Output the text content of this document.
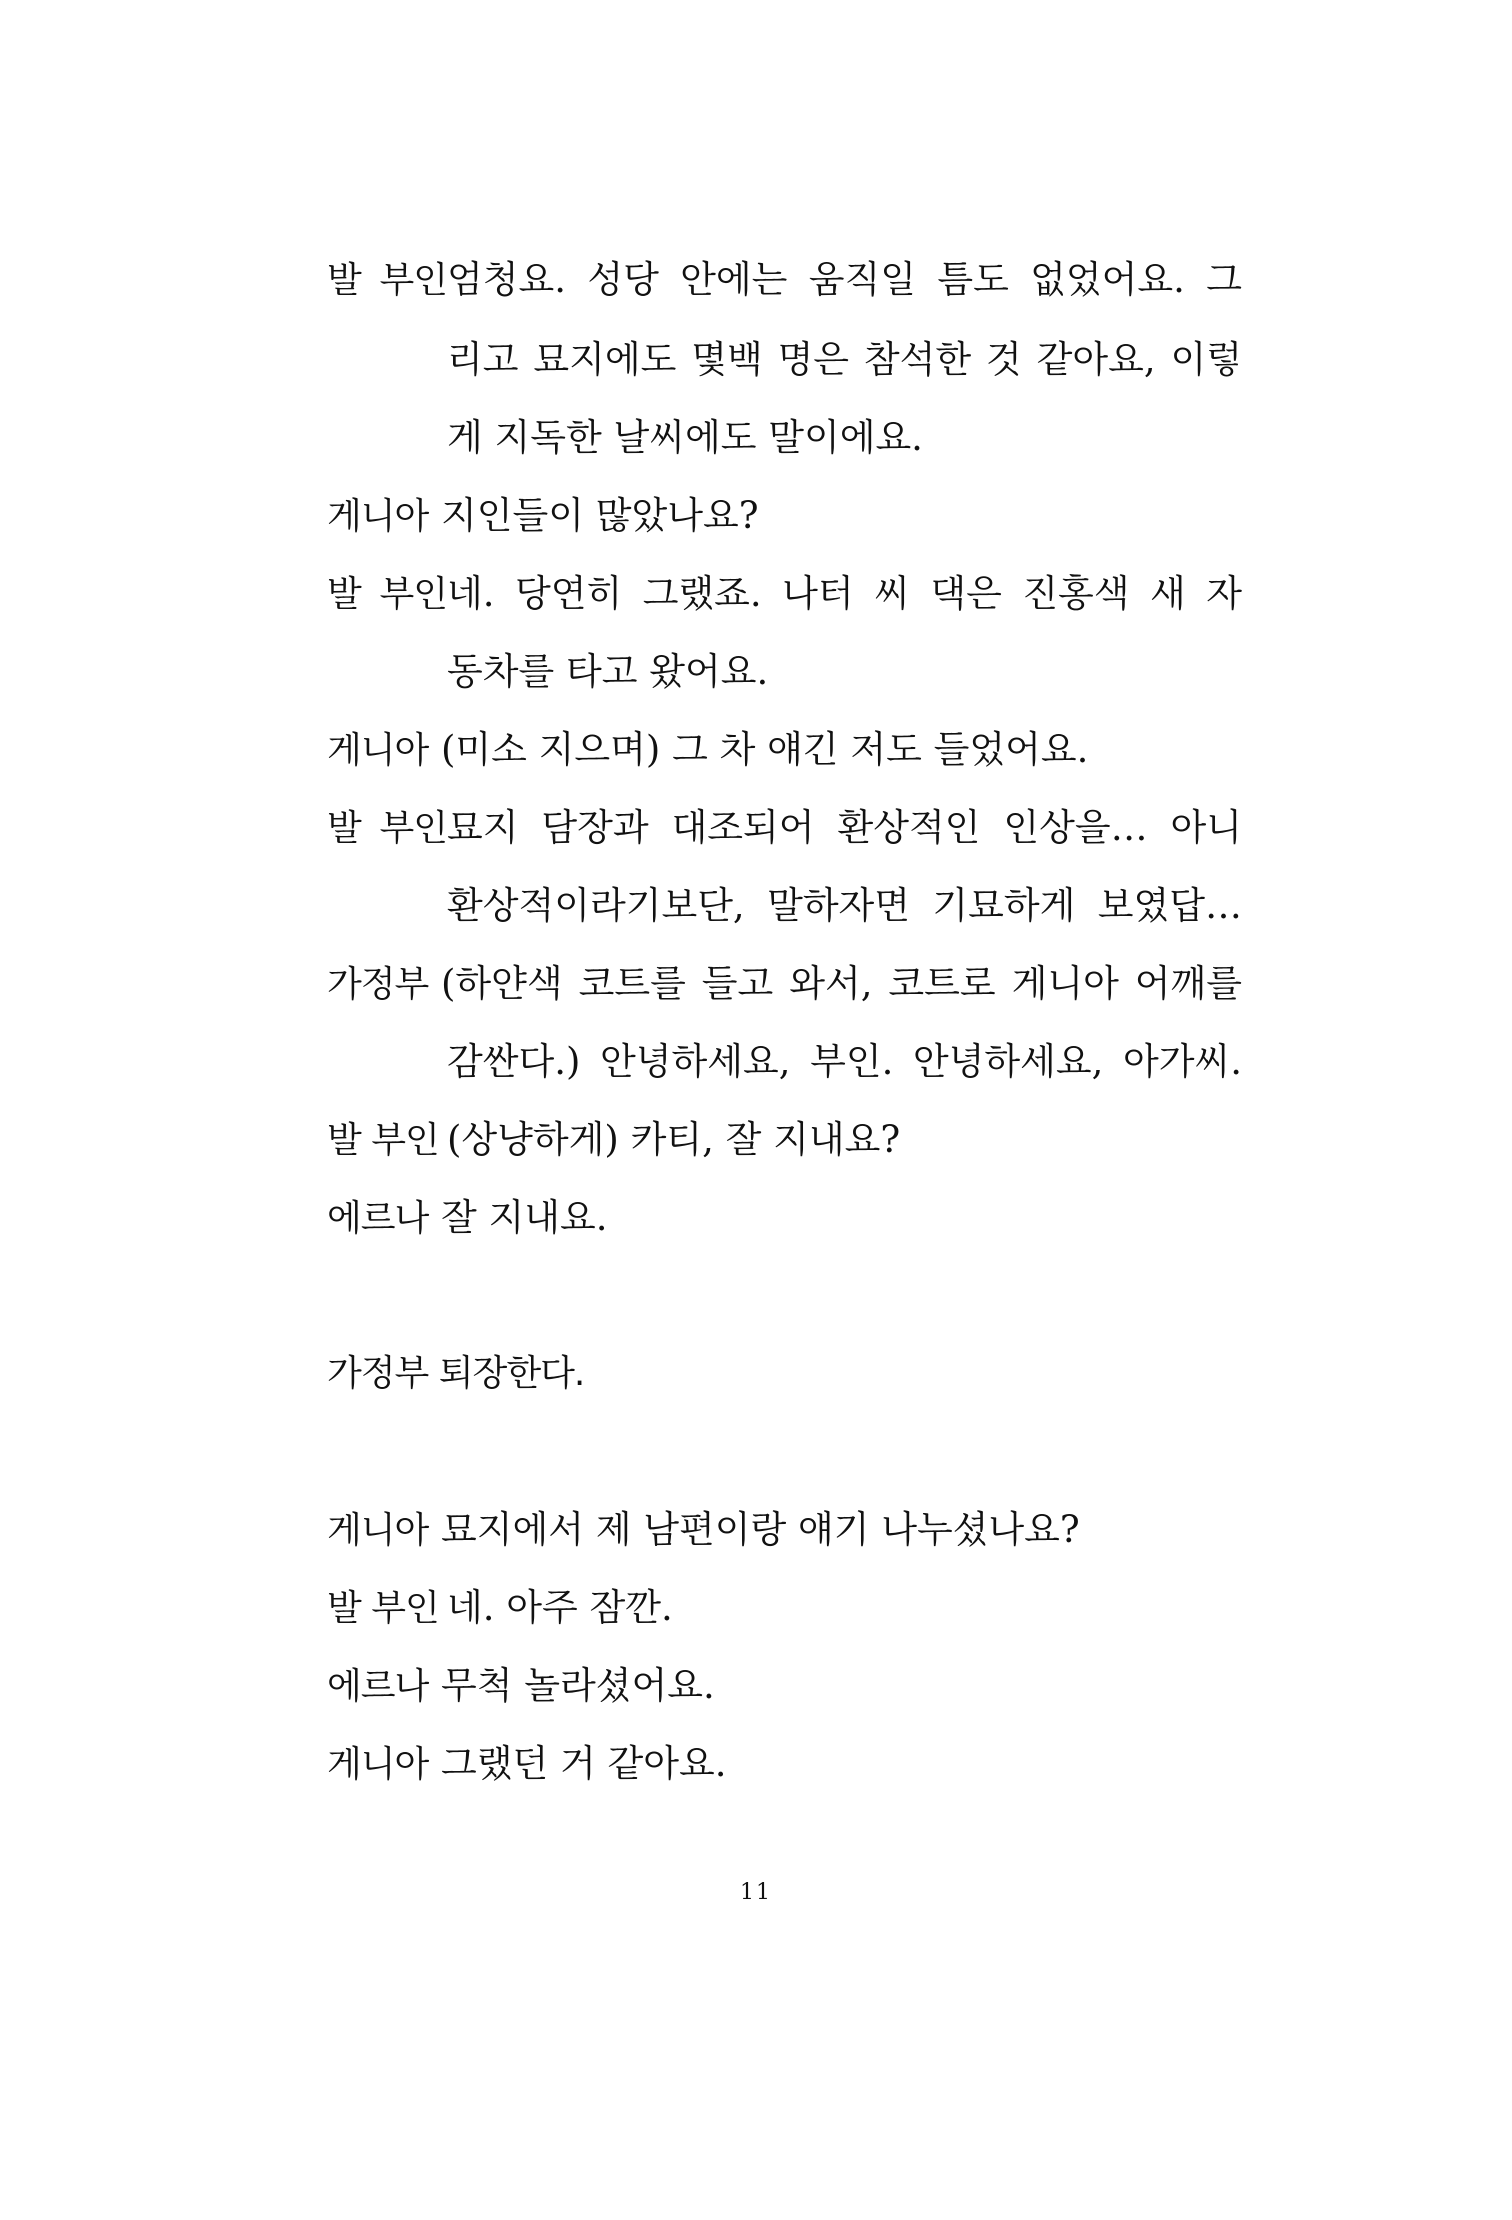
발 부인엄청요. 성당 안에는 움직일 틈도 없었어요. 그
리고 묘지에도 몇백 명은 참석한 것 같아요, 이렇
게 지독한 날씨에도 말이에요.
게니아 지인들이 많았나요?
발 부인네. 당연히 그랬죠. 나터 씨 댁은 진홍색 새 자
동차를 타고 왔어요.
게니아 (미소 지으며) 그 차 얘긴 저도 들었어요.
발 부인묘지 담장과 대조되어 환상적인 인상을… 아니
환상적이라기보단, 말하자면 기묘하게 보였답…
가정부 (하얀색 코트를 들고 와서, 코트로 게니아 어깨를
감싼다.) 안녕하세요, 부인. 안녕하세요, 아가씨.
발 부인 (상냥하게) 카티, 잘 지내요?
에르나 잘 지내요.
가정부 퇴장한다.
게니아 묘지에서 제 남편이랑 얘기 나누셨나요?
발 부인 네. 아주 잠깐.
에르나 무척 놀라셨어요.
게니아 그랬던 거 같아요.
11
